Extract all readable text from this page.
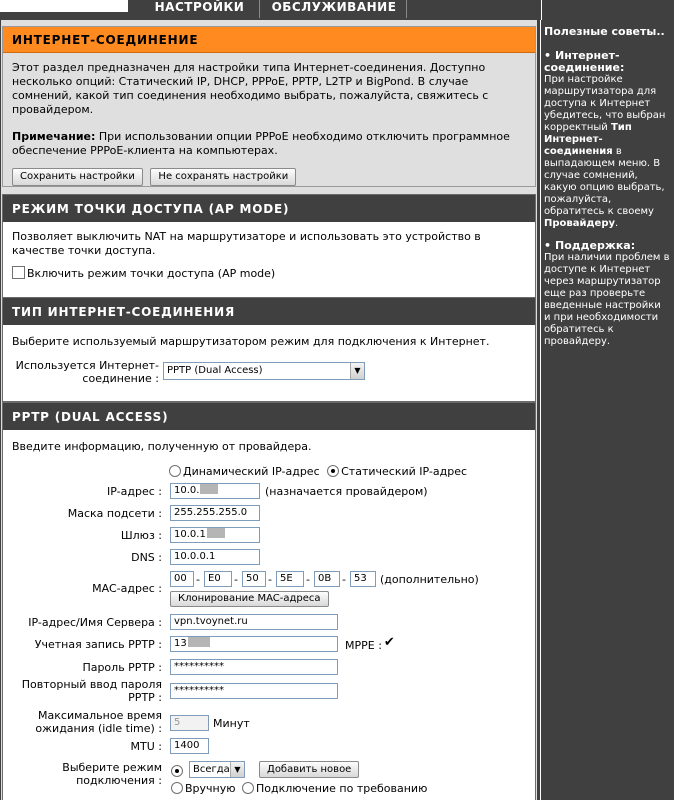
НАСТРОЙКИ	ОБСЛУЖИВАНИЕ
ИНТЕРНЕТ-СОЕДИНЕНИЕ
Этот раздел предназначен для настройки типа Интернет-соединения. Доступно несколько опций: Статический IP, DHCP, PPPoE, PPTP, L2TP и BigPond. В случае сомнений, какой тип соединения необходимо выбрать, пожалуйста, свяжитесь с провайдером.
Примечание: При использовании опции PPPoE необходимо отключить программное обеспечение PPPoE-клиента на компьютерах.
Сохранить настройки Не сохранять настройки
РЕЖИМ ТОЧКИ ДОСТУПА (AP MODE)
Позволяет выключить NAT на маршрутизаторе и использовать это устройство в качестве точки доступа.
Включить режим точки доступа (AP mode)
ТИП ИНТЕРНЕТ-СОЕДИНЕНИЯ
Выберите используемый маршрутизатором режим для подключения к Интернет.
Используется Интернет-
соединение :
PPTP (Dual Access)	▼
PPTP (DUAL ACCESS)
Введите информацию, полученную от провайдера.
Динамический IP-адрес Статический IP-адрес
IP-адрес :	10.0.	(назначается провайдером)
Маска подсети :	255.255.255.0
Шлюз :	10.0.1
DNS :	10.0.0.1
MAC-адрес :
00 - E0	- 50 - 5E	- 0B - 53	(дополнительно)
Клонирование MAC-адреса
IP-адрес/Имя Сервера :	vpn.tvoynet.ru
Учетная запись PPTP :	13	MPPE :✔
Пароль PPTP :	**********
Повторный ввод пароля
PPTP :
**********
Максимальное время
ожидания (idle time) :	5	Минут
MTU :	1400
Выберите режим
подключения :
Всегда ▼	Добавить новое
Вручную Подключение по требованию
Полезные советы..
• Интернет-соединение:
При настройке маршрутизатора для доступа к Интернет убедитесь, что выбран корректный Тип Интернет-соединения в выпадающем меню. В случае сомнений, какую опцию выбрать, пожалуйста, обратитесь к своему Провайдеру.
• Поддержка:
При наличии проблем в доступе к Интернет через маршрутизатор еще раз проверьте введенные настройки и при необходимости обратитесь к провайдеру.
